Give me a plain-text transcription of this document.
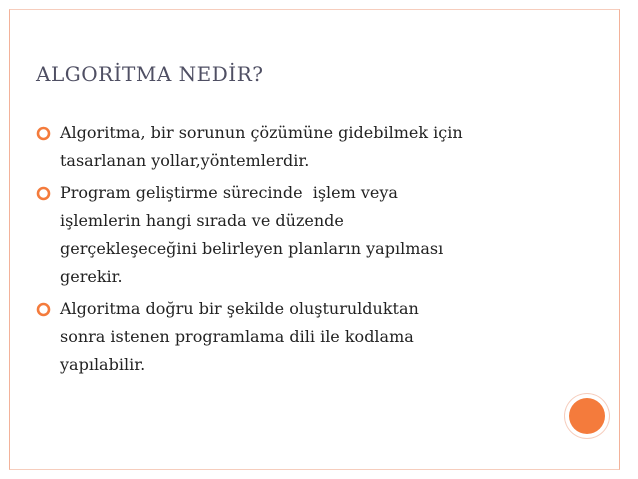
ALGORİTMA NEDİR?
Algoritma, bir sorunun çözümüne gidebilmek için
tasarlanan yollar,yöntemlerdir.
Program geliştirme sürecinde  işlem veya
işlemlerin hangi sırada ve düzende
gerçekleşeceğini belirleyen planların yapılması
gerekir.
Algoritma doğru bir şekilde oluşturulduktan
sonra istenen programlama dili ile kodlama
yapılabilir.
